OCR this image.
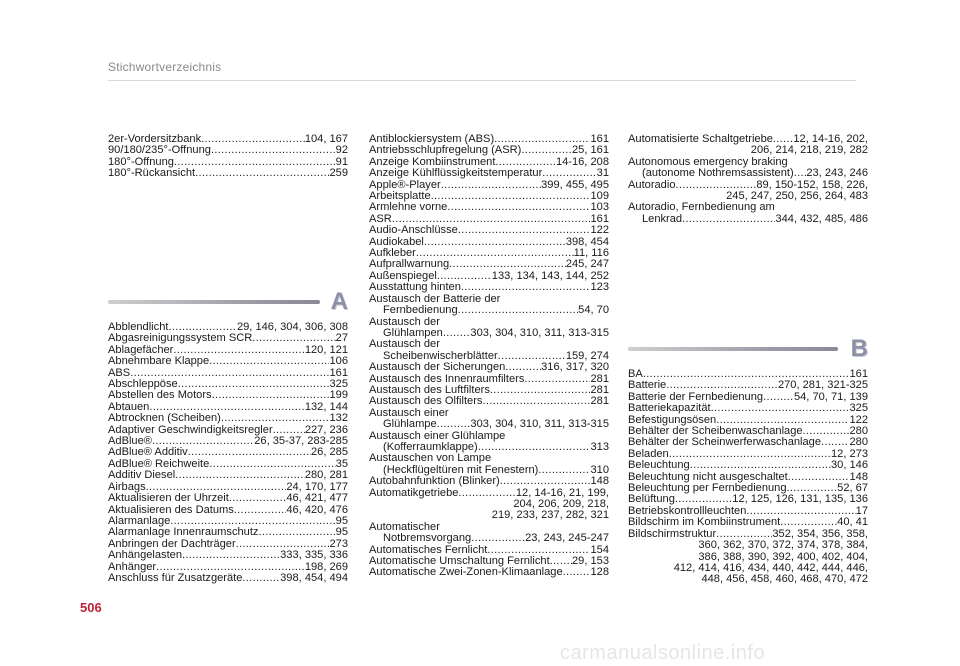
Stichwortverzeichnis
2er-Vordersitzbank .....	104, 167
90/180/235°-Öffnung .....	92
180°-Öffnung .....	91
180°-Rückansicht .....	259
A
Abblendlicht .....	29, 146, 304, 306, 308
Abgasreinigungssystem SCR .....	27
Ablagefächer .....	120, 121
Abnehmbare Klappe .....	106
ABS .....	161
Abschleppöse .....	325
Abstellen des Motors .....	199
Abtauen .....	132, 144
Abtrocknen (Scheiben) .....	132
Adaptiver Geschwindigkeitsregler .....	227, 236
AdBlue® .....	26, 35-37, 283-285
AdBlue® Additiv .....	26, 285
AdBlue® Reichweite .....	35
Additiv Diesel .....	280, 281
Airbags .....	24, 170, 177
Aktualisieren der Uhrzeit .....	46, 421, 477
Aktualisieren des Datums .....	46, 420, 476
Alarmanlage .....	95
Alarmanlage Innenraumschutz .....	95
Anbringen der Dachträger .....	273
Anhängelasten .....	333, 335, 336
Anhänger .....	198, 269
Anschluss für Zusatzgeräte .....	398, 454, 494
Antiblockiersystem (ABS) .....	161
Antriebsschlupfregelung (ASR) .....	25, 161
Anzeige Kombiinstrument .....	14-16, 208
Anzeige Kühlflüssigkeitstemperatur .....	31
Apple®-Player .....	399, 455, 495
Arbeitsplatte .....	109
Armlehne vorne .....	103
ASR .....	161
Audio-Anschlüsse .....	122
Audiokabel .....	398, 454
Aufkleber .....	11, 116
Aufprallwarnung .....	245, 247
Außenspiegel .....	133, 134, 143, 144, 252
Ausstattung hinten .....	123
Austausch der Batterie der
Fernbedienung .....	54, 70
Austausch der
Glühlampen ..... 303, 304, 310, 311, 313-315
Austausch der
Scheibenwischerblätter .....	159, 274
Austausch der Sicherungen .....	316, 317, 320
Austausch des Innenraumfilters .....	281
Austausch des Luftfilters .....	281
Austausch des Ölfilters .....	281
Austausch einer
Glühlampe .....	303, 304, 310, 311, 313-315
Austausch einer Glühlampe
(Kofferraumklappe) .....	313
Austauschen von Lampe
(Heckflügeltüren mit Fenestern) .....	310
Autobahnfunktion (Blinker) .....	148
Automatikgetriebe .....	12, 14-16, 21, 199,
204, 206, 209, 218,
219, 233, 237, 282, 321
Automatischer
Notbremsvorgang .....	23, 243, 245-247
Automatisches Fernlicht .....	154
Automatische Umschaltung Fernlicht ..... 29, 153
Automatische Zwei-Zonen-Klimaanlage .....	128
Automatisierte Schaltgetriebe ..... 12, 14-16, 202,
206, 214, 218, 219, 282
Autonomous emergency braking
(autonome Nothremsassistent) ..... 23, 243, 246
Autoradio .....	89, 150-152, 158, 226,
245, 247, 250, 256, 264, 483
Autoradio, Fernbedienung am
Lenkrad .....	344, 432, 485, 486
B
BA .....	161
Batterie .....	270, 281, 321-325
Batterie der Fernbedienung .....	54, 70, 71, 139
Batteriekapazität .....	325
Befestigungsösen .....	122
Behälter der Scheibenwaschanlage .....	280
Behälter der Scheinwerferwaschanlage .....	280
Beladen .....	12, 273
Beleuchtung .....	30, 146
Beleuchtung nicht ausgeschaltet .....	148
Beleuchtung per Fernbedienung .....	52, 67
Belüftung .....	12, 125, 126, 131, 135, 136
Betriebskontrollleuchten .....	17
Bildschirm im Kombiinstrument .....	40, 41
Bildschirmstruktur .....	352, 354, 356, 358,
360, 362, 370, 372, 374, 378, 384,
386, 388, 390, 392, 400, 402, 404,
412, 414, 416, 434, 440, 442, 444, 446,
448, 456, 458, 460, 468, 470, 472
506
carmanualsonline.info
